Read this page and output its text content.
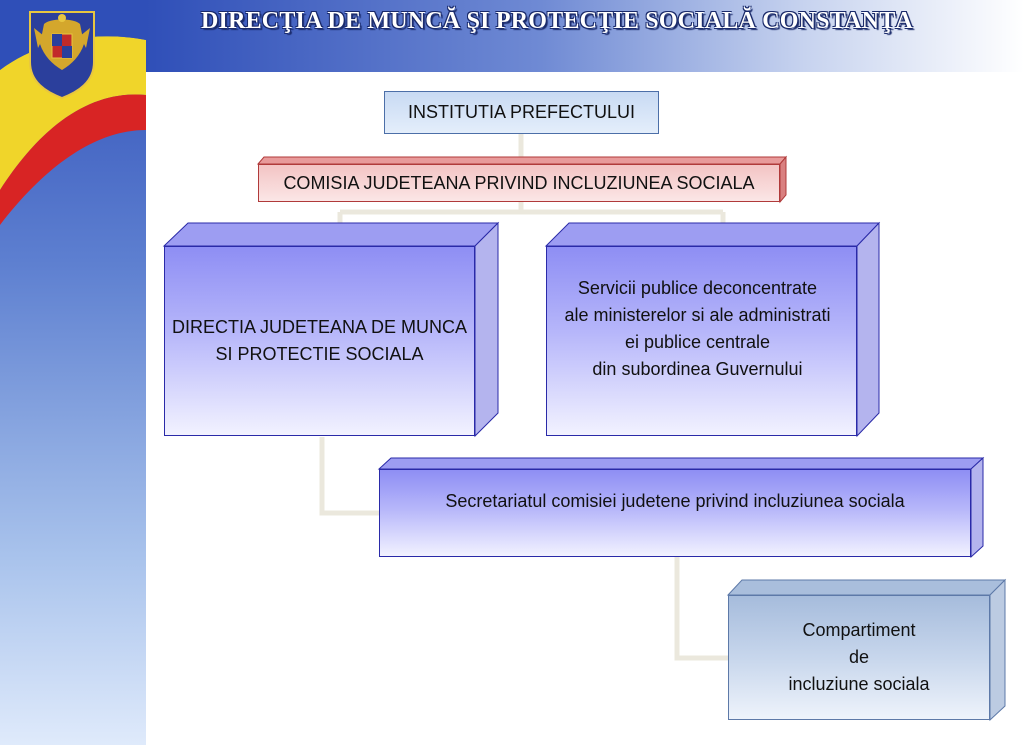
DIRECŢIA DE MUNCĂ ŞI PROTECŢIE SOCIALĂ CONSTANŢA
INSTITUTIA PREFECTULUI
COMISIA JUDETEANA PRIVIND INCLUZIUNEA SOCIALA
DIRECTIA JUDETEANA DE MUNCA
SI PROTECTIE SOCIALA
Servicii publice deconcentrate
ale ministerelor si ale administrati
ei publice centrale
din subordinea Guvernului
Secretariatul comisiei judetene privind incluziunea sociala
Compartiment
de
incluziune sociala
